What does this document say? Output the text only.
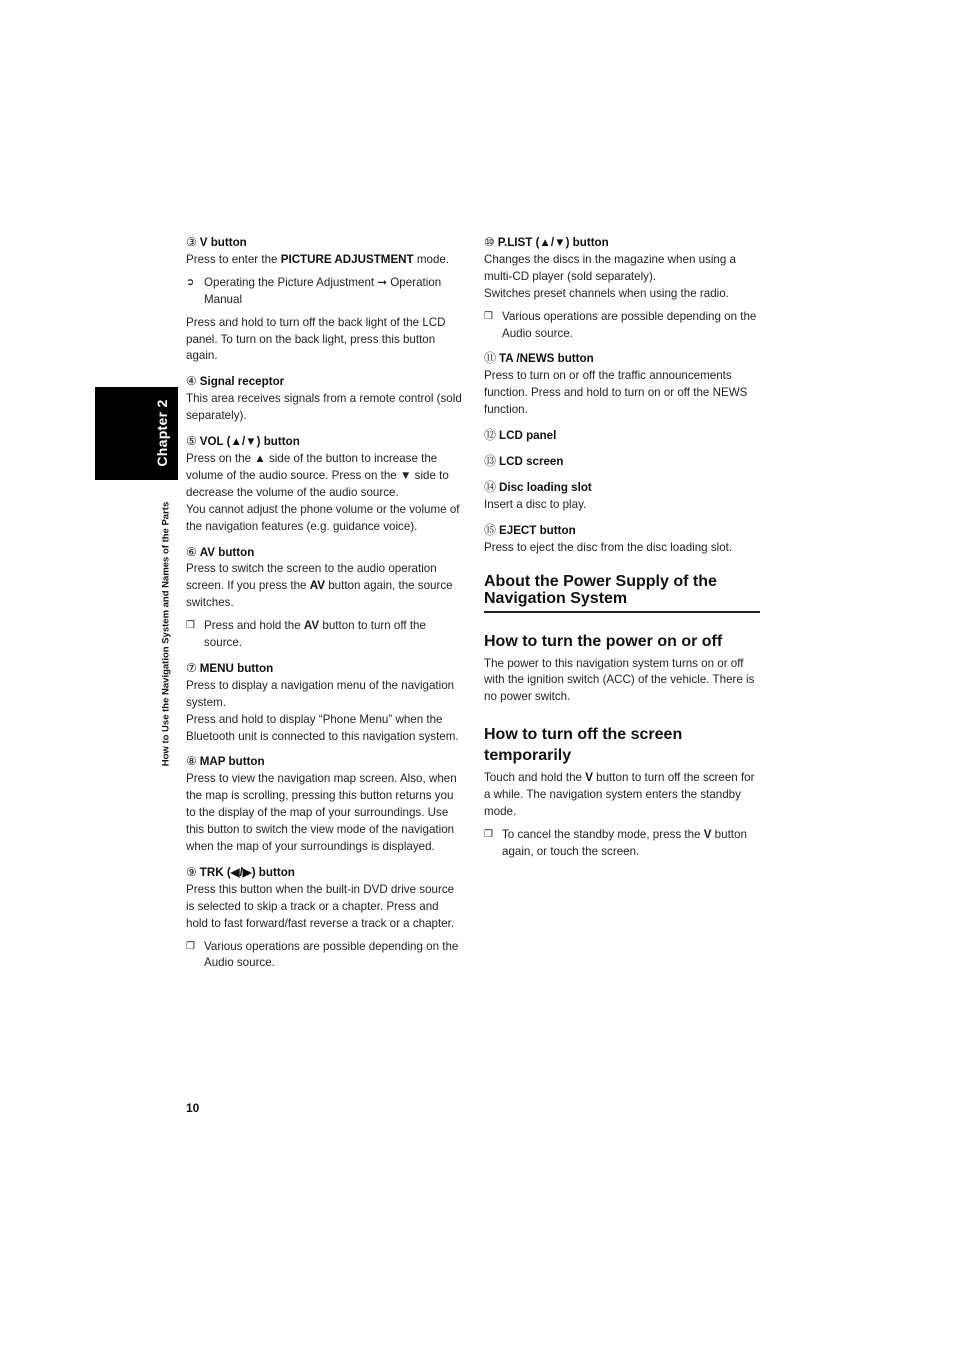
Chapter 2
How to Use the Navigation System and Names of the Parts
③ V button

Press to enter the PICTURE ADJUSTMENT mode.

➲ Operating the Picture Adjustment ➞ Operation Manual

Press and hold to turn off the back light of the LCD panel. To turn on the back light, press this button again.

④ Signal receptor

This area receives signals from a remote control (sold separately).

⑤ VOL (▲/▼) button

Press on the ▲ side of the button to increase the volume of the audio source. Press on the ▼ side to decrease the volume of the audio source.

You cannot adjust the phone volume or the volume of the navigation features (e.g. guidance voice).

⑥ AV button

Press to switch the screen to the audio operation screen. If you press the AV button again, the source switches.

❒ Press and hold the AV button to turn off the source.
⑦ MENU button

Press to display a navigation menu of the navigation system.

Press and hold to display “Phone Menu” when the Bluetooth unit is connected to this navigation system.

⑧ MAP button

Press to view the navigation map screen. Also, when the map is scrolling, pressing this button returns you to the display of the map of your surroundings. Use this button to switch the view mode of the navigation when the map of your surroundings is displayed.

⑨ TRK (◀/▶) button

Press this button when the built-in DVD drive source is selected to skip a track or a chapter. Press and hold to fast forward/fast reverse a track or a chapter.

❒ Various operations are possible depending on the Audio source.
⑩ P.LIST (▲/▼) button

Changes the discs in the magazine when using a multi-CD player (sold separately).

Switches preset channels when using the radio.

❒ Various operations are possible depending on the Audio source.
⑪ TA /NEWS button

Press to turn on or off the traffic announcements function. Press and hold to turn on or off the NEWS function.

⑫ LCD panel
⑬ LCD screen
⑭ Disc loading slot

Insert a disc to play.

⑮ EJECT button

Press to eject the disc from the disc loading slot.

About the Power Supply of the Navigation System
How to turn the power on or off

The power to this navigation system turns on or off with the ignition switch (ACC) of the vehicle. There is no power switch.

How to turn off the screen temporarily

Touch and hold the V button to turn off the screen for a while. The navigation system enters the standby mode.

❒ To cancel the standby mode, press the V button again, or touch the screen.
10
